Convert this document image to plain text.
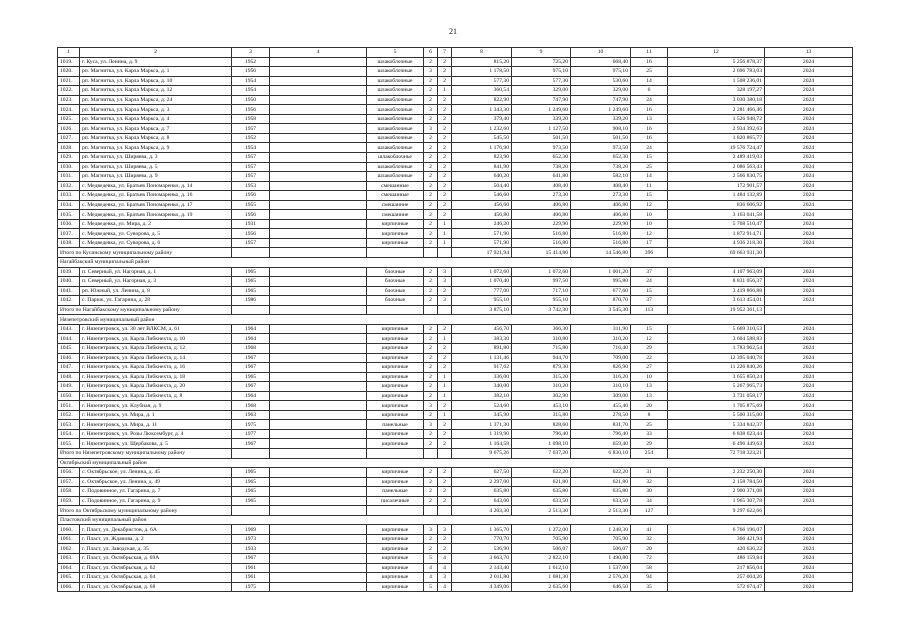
21
1	2	3	4	5	6	7	8	9	10	11	12	13
1019.	г. Куса, ул. Ленина, д. 9	1952		шлакоблочные	2	2	815,20	725,20	668,40	16	5 256 878,37	2024
1020.	рп. Магнитка, ул. Карла Маркса, д. 1	1956		шлакоблочные	3	2	1 178,50	975,10	975,10	25	2 696 783,03	2024
1021.	рп. Магнитка, ул. Карла Маркса, д. 10	1954		шлакоблочные	2	2	577,30	577,30	530,60	14	1 508 236,01	2024
1022.	рп. Магнитка, ул. Карла Маркса, д. 12	1954		шлакоблочные	2	1	360,54	329,00	329,00	6	328 197,27	2024
1023.	рп. Магнитка, ул. Карла Маркса, д. 24	1950		шлакоблочные	2	2	822,90	747,90	747,90	24	3 030 380,18	2024
1024.	рп. Магнитка, ул. Карла Маркса, д. 3	1956		шлакоблочные	3	2	1 343,30	1 249,60	1 249,60	16	2 281 466,46	2024
1025.	рп. Магнитка, ул. Карла Маркса, д. 4	1958		шлакоблочные	2	2	379,40	339,20	339,20	13	1 526 948,72	2024
1026.	рп. Магнитка, ул. Карла Маркса, д. 7	1957		шлакоблочные	3	2	1 232,60	1 127,50	908,10	16	2 934 392,63	2024
1027.	рп. Магнитка, ул. Карла Маркса, д. 8	1952		шлакоблочные	2	2	545,50	501,50	501,50	16	1 820 865,77	2024
1028.	рп. Магнитка, ул. Карла Маркса, д. 9	1954		шлакоблочные	2	2	1 176,90	973,50	973,50	24	19 576 724,47	2024
1029.	рп. Магнитка, ул. Ширяева, д. 3	1957		шлакоблочнье	2	2	823,90	652,30	652,30	15	2 489 419,03	2024
1030.	рп. Магнитка, ул. Ширяева, д. 5	1957		шлакоблочные	2	2	841,90	738,20	738,20	25	2 086 563,43	2024
1031.	рп. Магнитка, ул. Ширяева, д. 9	1957		шлакоблочные	2	2	640,20	641,80	582,10	14	2 566 830,75	2024
1032.	с. Медведевка, ул. Братьев Пономаренко, д. 14	1953		смешанные	2	2	504,40	408,40	408,40	11	172 901,57	2024
1033.	с. Медведевка, ул. Братьев Пономаренко, д. 16	1956		смешанные	2	2	546,60	273,30	273,30	15	1 484 132,89	2024
1034.	с. Медведевка, ул. Братьев Пономаренко, д. 17	1955		смешаннне	2	2	456,60	406,80	406,80	12	836 606,92	2024
1035.	с. Медведевка, ул. Братьев Пономаренко, д. 19	1956		смешаннне	2	2	456,80	406,80	406,80	10	3 163 041,58	2024
1036.	с. Медведевка, ул. Мира, д. 2	1931		кирпичные	2	1	246,20	229,90	229,90	10	5 768 510,47	2024
1037.	с. Медведевка, ул. Суворова, д. 5	1956		кирпичные	2	1	571,90	516,80	516,80	12	1 872 914,71	2024
1038.	с. Медведевка, ул. Суворова, д. 6	1957		кирпичные	2	1	571,90	516,80	516,80	17	4 936 218,30	2024
Итого по Кусинскому муниципальному району							17 921,94	15 414,80	14 546,80	396	69 663 931,30	
Нагайбакский муниципальный район												
1039.	п. Северный, ул. Нагорная, д. 1	1965		блочные	2	3	1 072,60	1 072,60	1 001,20	37	4 107 963,09	2024
1040.	п. Северный, ул. Нагорная, д. 3	1965		блочные	2	3	1 070,40	997,50	995,80	24	8 831 056,37	2024
1041.	рп. Южный, ул. Ленина, д. 8	1965		блочные	2	2	777,00	717,10	677,60	15	3 419 866,88	2024
1042.	с. Париж, ул. Гагарина, д. 28	1986		блочные	2	3	955,10	955,10	870,70	37	3 613 454,01	2024
Итого по Нагайбакскому муниципальному району							3 875,10	3 742,30	3 545,30	113	19 952 361,13	
Нязепетровский муниципальный район												
1043.	г. Нязепетровск, ул. 30 лет ВЛКСМ, д. 61	1964		кирпичные	2	2	456,70	366,30	311,90	15	5 669 310,53	2024
1044.	г. Нязепетровск, ул. Карла Либкнехта, д. 10	1964		кирпичные	2	1	383,30	310,80	310,20	12	3 604 588,83	2024
1045.	г. Нязепетровск, ул. Карла Либкнехта, д. 12	1968		кирпичные	2	2	891,80	715,80	716,40	29	1 783 962,54	2024
1046.	г. Нязепетровск, ул. Карла Либкнехта, д. 14	1967		кирпичные	2	2	1 131,46	944,70	709,00	22	12 395 040,78	2024
1047.	г. Нязепетровск, ул. Карла Либкнехта, д. 16	1967		кирпичные	2	2	917,62	879,30	826,90	27	11 226 840,26	2024
1048.	г. Нязепетровск, ул. Карла Либкнехта, д. 18	1965		кирпичные	2	1	336,00	315,20	316,20	10	3 655 850,24	2024
1049.	г. Нязепетровск, ул. Карла Либкнехта, д. 20	1967		кирпичные	2	1	340,00	310,20	310,10	13	5 267 965,73	2024
1050.	г. Нязепетровск, ул. Карла Либкнехта, д. 8	1964		кирпичные	2	1	382,10	302,90	309,00	13	3 731 058,17	2024
1051.	г. Нязепетровск, ул. Клубная, д. 9	1968		кирпичные	3	2	524,60	453,10	455,40	20	1 705 875,69	2024
1052.	г. Нязепетровск, ул. Мира, д. 1	1963		кирпичные	2	1	345,90	315,80	278,50	8	5 500 315,00	2024
1053.	г. Нязепетровск, ул. Мира, д. 11	1975		панельные	3	2	1 371,30	828,60	831,70	25	5 334 842,37	2024
1054.	г. Нязепетровск, ул. Розы Люксембург, д. 4	1977		кирпичные	2	2	1 319,90	796,40	796,40	33	6 838 623,44	2024
1055.	г. Нязепетровск, ул. Щербакова, д. 5	1967		кирпичные	2	2	1 164,58	1 098,10	659,40	29	6 496 449,63	2024
Итого по Нязепетровскому муниципальному району							9 675,26	7 637,20	6 830,10	254	72 718 323,21	
Октябрьский муниципальный район												
1056.	с. Октябрьское, ул. Ленина, д. 45	1965		кирпичные	2	2	627,50	622,20	622,20	31	2 232 250,30	2024
1057.	с. Октябрьское, ул. Ленина, д. 49	1965		кирпичные	2	2	2 297,00	621,80	621,80	32	2 158 784,50	2024
1058.	с. Подовинное, ул. Гагарина, д. 7	1965		панельные	2	2	635,80	635,80	635,80	30	2 900 371,08	2024
1059.	с. Подовинное, ул. Гагарина, д. 9	1965		писалечные	2	2	643,00	633,50	633,50	34	1 965 307,78	2024
Итого по Октябрьскому муниципальному району							4 203,30	2 513,30	2 513,30	127	9 297 622,66	
Пластовский муниципальный район												
1060.	г. Пласт, ул. Декабристов, д. 6А	1969		кирпичные	3	3	1 365,70	1 272,00	1 248,30	41	6 766 196,07	2024
1061.	г. Пласт, ул. Жданова, д. 2	1973		кирпичные	2	2	770,70	705,90	705,90	32	366 421,94	2024
1062.	г. Пласт, ул. Заводская, д. 35	1933		кирпичные	2	2	536,90	506,07	506,07	20	420 636,22	2024
1063.	г. Пласт, ул. Октябрьская, д. 69А	1967		кирпичные	5	4	3 663,70	2 822,10	1 490,80	72	486 159,84	2024
1064.	г. Пласт, ул. Октябрьская, д. 62	1961		кирпичные	4	4	2 143,40	1 612,10	1 537,00	58	217 856,04	2024
1065.	г. Пласт, ул. Октябрьская, д. 64	1961		кирпичные	4	3	2 011,80	1 681,30	2 576,20	94	257 004,26	2024
1066.	г. Пласт, ул. Октябрьская, д. 68	1975		кирпичные	5	4	4 349,06	2 635,60	646,50	35	572 674,47	2024
